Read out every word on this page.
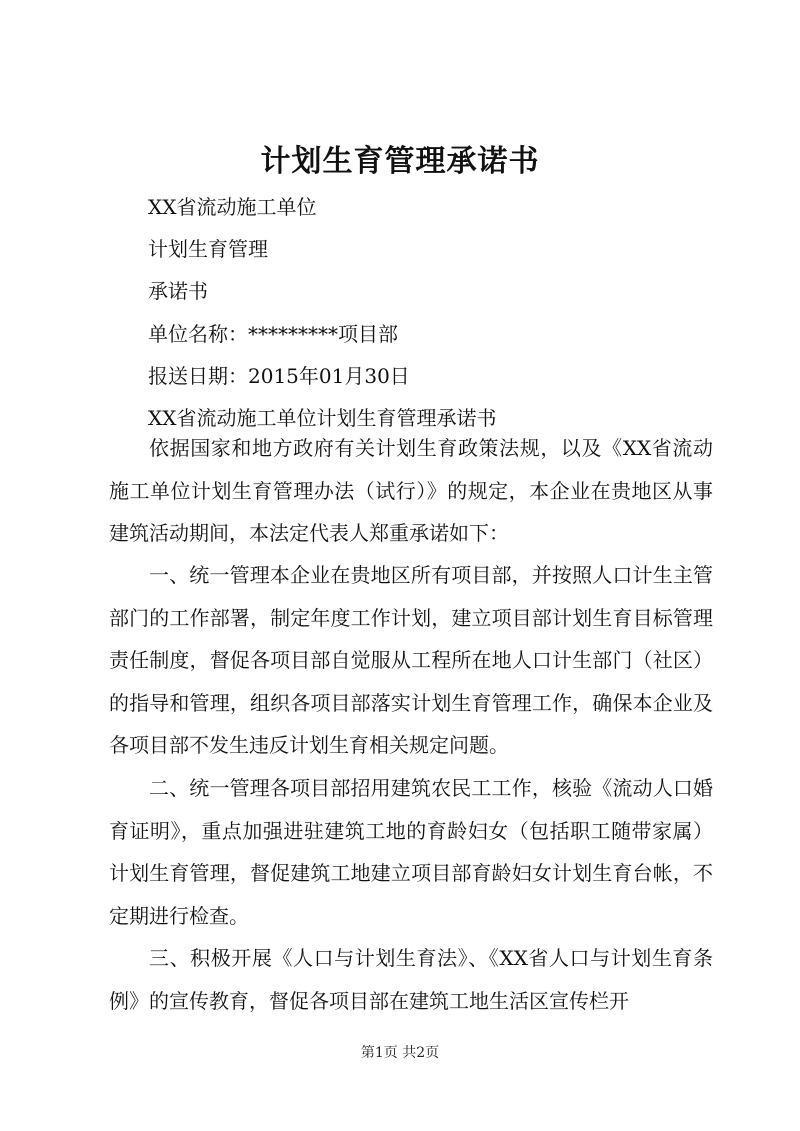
计划生育管理承诺书
XX省流动施工单位
计划生育管理
承诺书
单位名称：*********项目部
报送日期：2015年01月30日
XX省流动施工单位计划生育管理承诺书

依据国家和地方政府有关计划生育政策法规，以及《XX省流动施工单位计划生育管理办法（试行）》的规定，本企业在贵地区从事建筑活动期间，本法定代表人郑重承诺如下：

一、统一管理本企业在贵地区所有项目部，并按照人口计生主管部门的工作部署，制定年度工作计划，建立项目部计划生育目标管理责任制度，督促各项目部自觉服从工程所在地人口计生部门（社区）的指导和管理，组织各项目部落实计划生育管理工作，确保本企业及各项目部不发生违反计划生育相关规定问题。

二、统一管理各项目部招用建筑农民工工作，核验《流动人口婚育证明》，重点加强进驻建筑工地的育龄妇女（包括职工随带家属）计划生育管理，督促建筑工地建立项目部育龄妇女计划生育台帐，不定期进行检查。

三、积极开展《人口与计划生育法》、《XX省人口与计划生育条例》的宣传教育，督促各项目部在建筑工地生活区宣传栏开

第1页 共2页
